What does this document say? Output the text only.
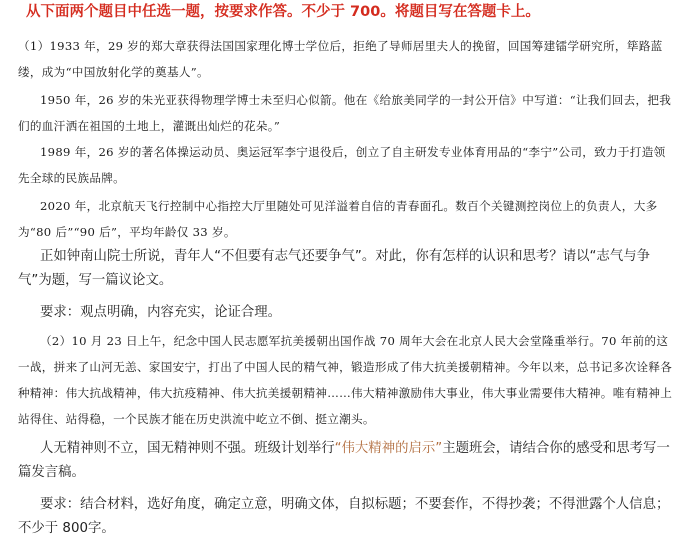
从下面两个题目中任选一题，按要求作答。不少于 700。将题目写在答题卡上。
（1）1933 年，29 岁的郑大章获得法国国家理化博士学位后，拒绝了导师居里夫人的挽留，回国筹建镭学研究所，筚路蓝缕，成为“中国放射化学的奠基人”。
1950 年，26 岁的朱光亚获得物理学博士未至归心似箭。他在《给旅美同学的一封公开信》中写道：“让我们回去，把我们的血汗洒在祖国的土地上，灌溉出灿烂的花朵。”
1989 年，26 岁的著名体操运动员、奥运冠军李宁退役后，创立了自主研发专业体育用品的“李宁”公司，致力于打造领先全球的民族品牌。
2020 年，北京航天飞行控制中心指控大厅里随处可见洋溢着自信的青春面孔。数百个关键测控岗位上的负责人，大多为“80 后”“90 后”，平均年龄仅 33 岁。
正如钟南山院士所说，青年人“不但要有志气还要争气”。对此，你有怎样的认识和思考？请以“志气与争气”为题，写一篇议论文。
要求：观点明确，内容充实，论证合理。
（2）10 月 23 日上午，纪念中国人民志愿军抗美援朝出国作战 70 周年大会在北京人民大会堂隆重举行。70 年前的这一战，拼来了山河无恙、家国安宁，打出了中国人民的精气神，锻造形成了伟大抗美援朝精神。今年以来，总书记多次诠释各种精神：伟大抗战精神，伟大抗疫精神、伟大抗美援朝精神……伟大精神激励伟大事业，伟大事业需要伟大精神。唯有精神上站得住、站得稳，一个民族才能在历史洪流中屹立不倒、挺立潮头。
人无精神则不立，国无精神则不强。班级计划举行“伟大精神的启示”主题班会，请结合你的感受和思考写一篇发言稿。
要求：结合材料，选好角度，确定立意，明确文体，自拟标题；不要套作，不得抄袭；不得泄露个人信息；不少于 800字。
